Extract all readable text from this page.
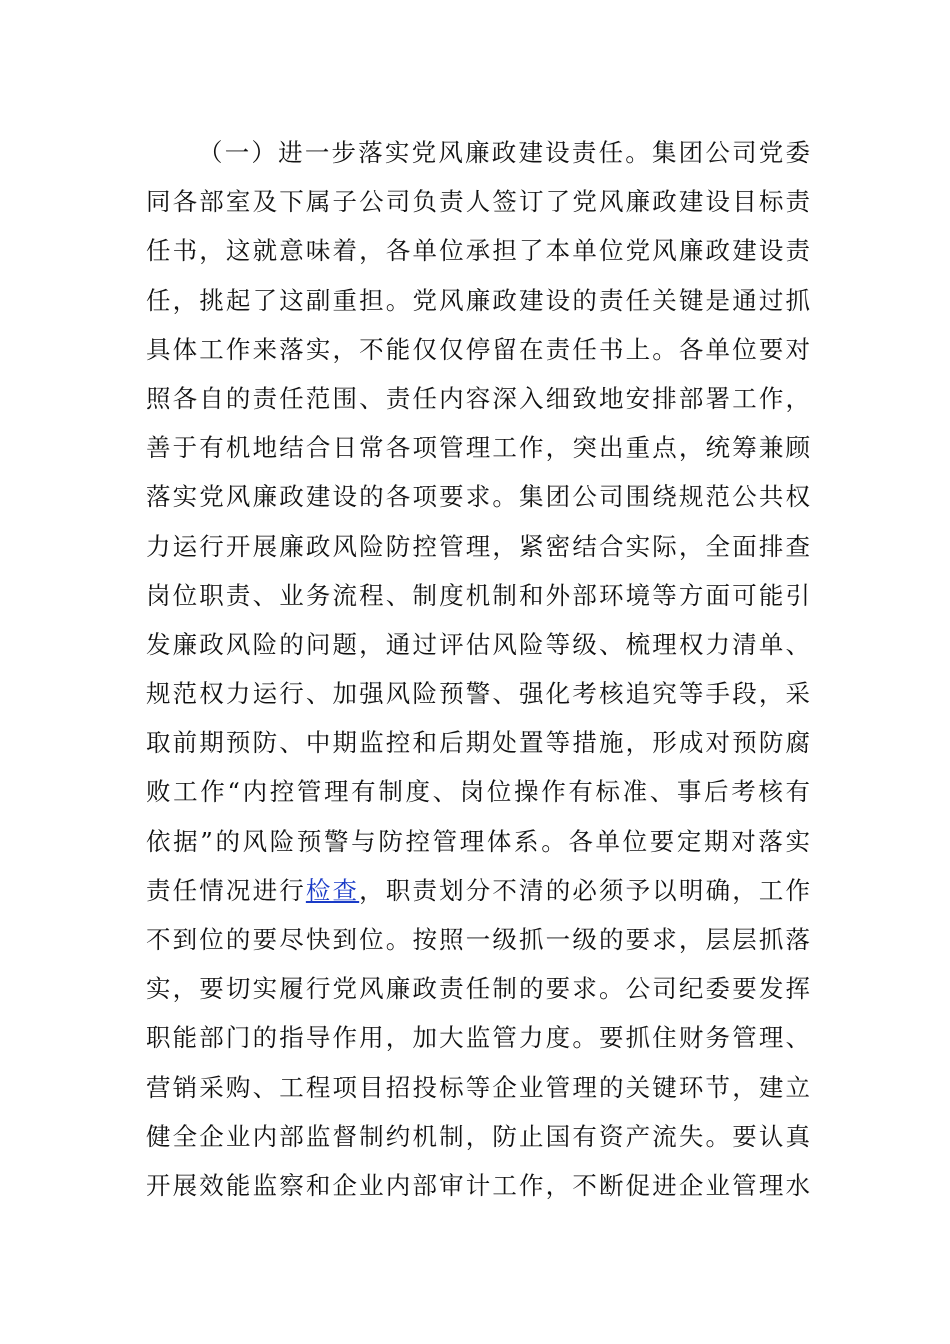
（一）进一步落实党风廉政建设责任。集团公司党委
同各部室及下属子公司负责人签订了党风廉政建设目标责
任书，这就意味着，各单位承担了本单位党风廉政建设责
任，挑起了这副重担。党风廉政建设的责任关键是通过抓
具体工作来落实，不能仅仅停留在责任书上。各单位要对
照各自的责任范围、责任内容深入细致地安排部署工作，
善于有机地结合日常各项管理工作，突出重点，统筹兼顾
落实党风廉政建设的各项要求。集团公司围绕规范公共权
力运行开展廉政风险防控管理，紧密结合实际，全面排查
岗位职责、业务流程、制度机制和外部环境等方面可能引
发廉政风险的问题，通过评估风险等级、梳理权力清单、
规范权力运行、加强风险预警、强化考核追究等手段，采
取前期预防、中期监控和后期处置等措施，形成对预防腐
败工作“内控管理有制度、岗位操作有标准、事后考核有
依据”的风险预警与防控管理体系。各单位要定期对落实
责任情况进行检查，职责划分不清的必须予以明确，工作
不到位的要尽快到位。按照一级抓一级的要求，层层抓落
实，要切实履行党风廉政责任制的要求。公司纪委要发挥
职能部门的指导作用，加大监管力度。要抓住财务管理、
营销采购、工程项目招投标等企业管理的关键环节，建立
健全企业内部监督制约机制，防止国有资产流失。要认真
开展效能监察和企业内部审计工作，不断促进企业管理水
